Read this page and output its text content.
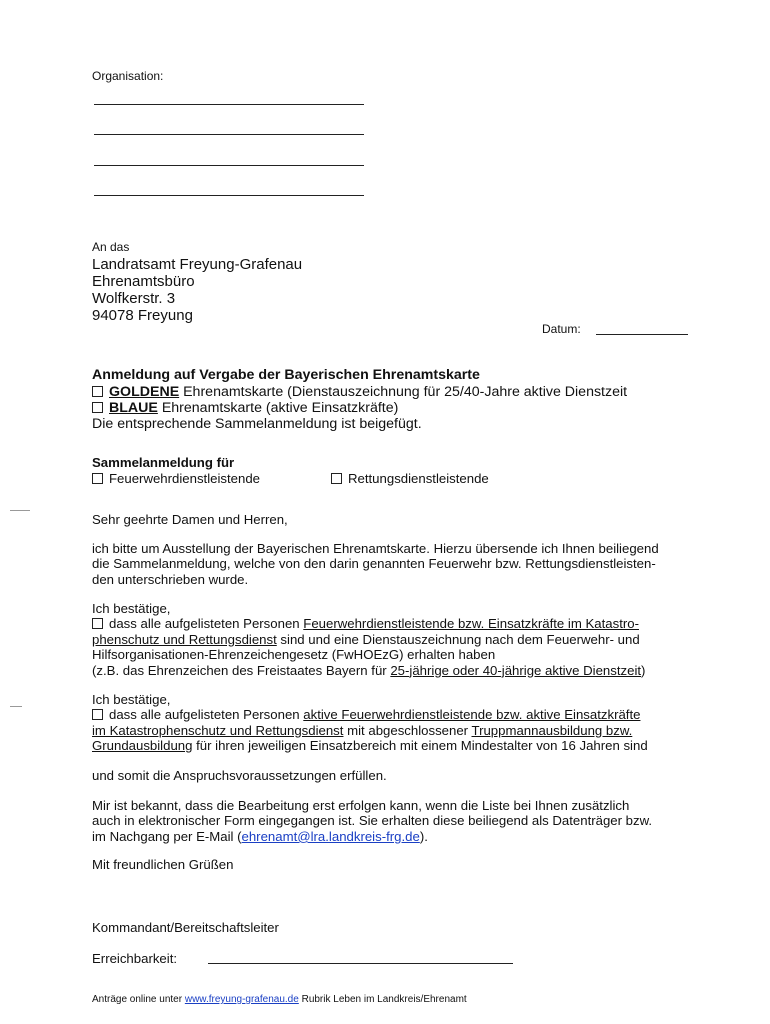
Organisation:
An das
Landratsamt Freyung-Grafenau
Ehrenamtsbüro
Wolfkerstr. 3
94078 Freyung
Datum:
Anmeldung auf Vergabe der Bayerischen Ehrenamtskarte
GOLDENE Ehrenamtskarte (Dienstauszeichnung für 25/40-Jahre aktive Dienstzeit
BLAUE Ehrenamtskarte (aktive Einsatzkräfte)
Die entsprechende Sammelanmeldung ist beigefügt.
Sammelanmeldung für
Feuerwehrdienstleistende	Rettungsdienstleistende
Sehr geehrte Damen und Herren,
ich bitte um Ausstellung der Bayerischen Ehrenamtskarte. Hierzu übersende ich Ihnen beiliegend
die Sammelanmeldung, welche von den darin genannten Feuerwehr bzw. Rettungsdienstleisten-
den unterschrieben wurde.
Ich bestätige,
dass alle aufgelisteten Personen Feuerwehrdienstleistende bzw. Einsatzkräfte im Katastro-
phenschutz und Rettungsdienst sind und eine Dienstauszeichnung nach dem Feuerwehr- und
Hilfsorganisationen-Ehrenzeichengesetz (FwHOEzG) erhalten haben
(z.B. das Ehrenzeichen des Freistaates Bayern für 25-jährige oder 40-jährige aktive Dienstzeit)
Ich bestätige,
dass alle aufgelisteten Personen aktive Feuerwehrdienstleistende bzw. aktive Einsatzkräfte
im Katastrophenschutz und Rettungsdienst mit abgeschlossener Truppmannausbildung bzw.
Grundausbildung für ihren jeweiligen Einsatzbereich mit einem Mindestalter von 16 Jahren sind
und somit die Anspruchsvoraussetzungen erfüllen.
Mir ist bekannt, dass die Bearbeitung erst erfolgen kann, wenn die Liste bei Ihnen zusätzlich
auch in elektronischer Form eingegangen ist. Sie erhalten diese beiliegend als Datenträger bzw.
im Nachgang per E-Mail (ehrenamt@lra.landkreis-frg.de).
Mit freundlichen Grüßen
Kommandant/Bereitschaftsleiter
Erreichbarkeit:
Anträge online unter www.freyung-grafenau.de Rubrik Leben im Landkreis/Ehrenamt
